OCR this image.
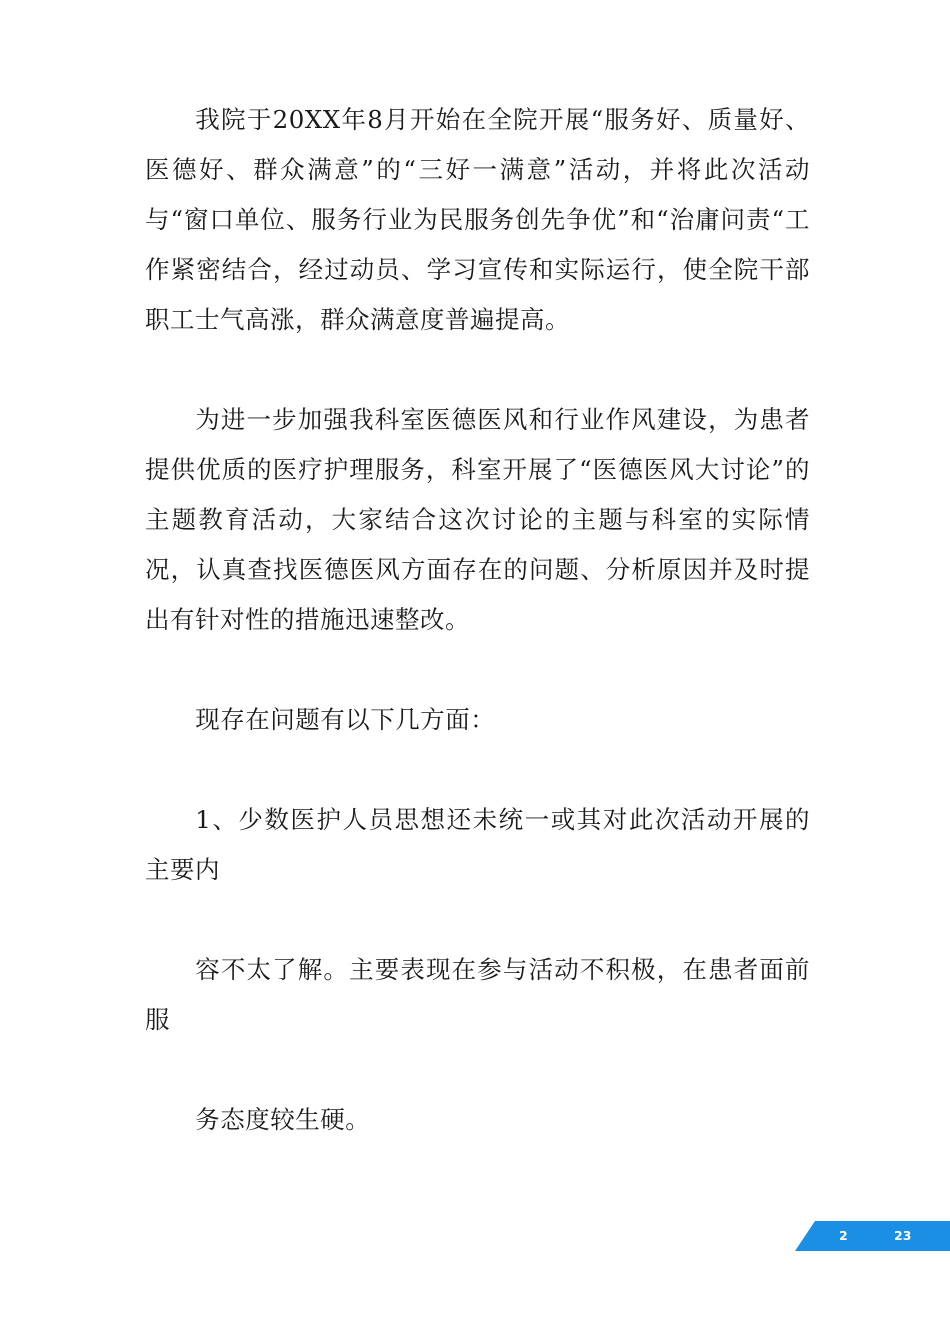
我院于20XX年8月开始在全院开展“服务好、质量好、医德好、群众满意”的“三好一满意”活动，并将此次活动与“窗口单位、服务行业为民服务创先争优”和“治庸问责“工作紧密结合，经过动员、学习宣传和实际运行，使全院干部职工士气高涨，群众满意度普遍提高。

为进一步加强我科室医德医风和行业作风建设，为患者提供优质的医疗护理服务，科室开展了“医德医风大讨论”的主题教育活动，大家结合这次讨论的主题与科室的实际情况，认真查找医德医风方面存在的问题、分析原因并及时提出有针对性的措施迅速整改。

现存在问题有以下几方面：

1、少数医护人员思想还未统一或其对此次活动开展的主要内

容不太了解。主要表现在参与活动不积极，在患者面前服

务态度较生硬。

2	23
